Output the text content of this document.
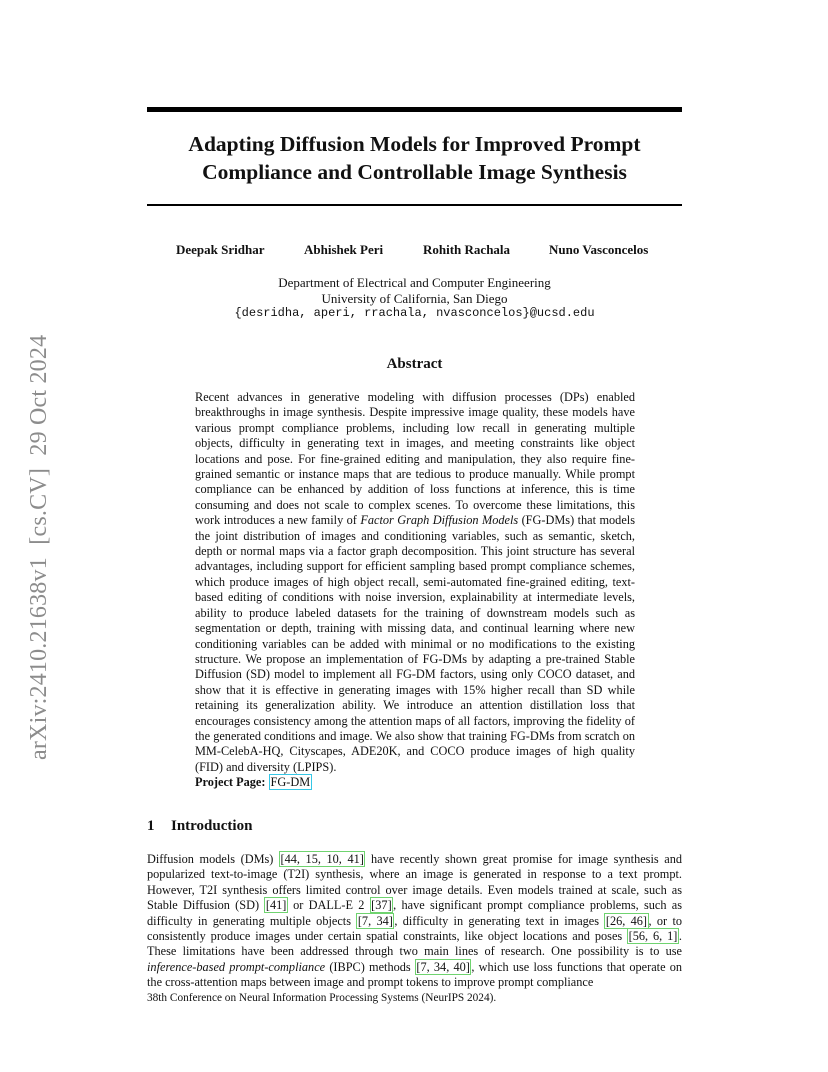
arXiv:2410.21638v1  [cs.CV]  29 Oct 2024
Adapting Diffusion Models for Improved Prompt
Compliance and Controllable Image Synthesis
Deepak Sridhar	Abhishek Peri	Rohith Rachala	Nuno Vasconcelos
Department of Electrical and Computer Engineering
University of California, San Diego
{desridha, aperi, rrachala, nvasconcelos}@ucsd.edu
Abstract

Recent advances in generative modeling with diffusion processes (DPs) enabled breakthroughs in image synthesis. Despite impressive image quality, these models have various prompt compliance problems, including low recall in generating multiple objects, difficulty in generating text in images, and meeting constraints like object locations and pose. For fine-grained editing and manipulation, they also require fine-grained semantic or instance maps that are tedious to produce manually. While prompt compliance can be enhanced by addition of loss functions at inference, this is time consuming and does not scale to complex scenes. To overcome these limitations, this work introduces a new family of Factor Graph Diffusion Models (FG-DMs) that models the joint distribution of images and conditioning variables, such as semantic, sketch, depth or normal maps via a factor graph decomposition. This joint structure has several advantages, including support for efficient sampling based prompt compliance schemes, which produce images of high object recall, semi-automated fine-grained editing, text-based editing of conditions with noise inversion, explainability at intermediate levels, ability to produce labeled datasets for the training of downstream models such as segmentation or depth, training with missing data, and continual learning where new conditioning variables can be added with minimal or no modifications to the existing structure. We propose an implementation of FG-DMs by adapting a pre-trained Stable Diffusion (SD) model to implement all FG-DM factors, using only COCO dataset, and show that it is effective in generating images with 15% higher recall than SD while retaining its generalization ability. We introduce an attention distillation loss that encourages consistency among the attention maps of all factors, improving the fidelity of the generated conditions and image. We also show that training FG-DMs from scratch on MM-CelebA-HQ, Cityscapes, ADE20K, and COCO produce images of high quality (FID) and diversity (LPIPS).

Project Page: FG-DM

1 Introduction

Diffusion models (DMs) [44, 15, 10, 41] have recently shown great promise for image synthesis and popularized text-to-image (T2I) synthesis, where an image is generated in response to a text prompt. However, T2I synthesis offers limited control over image details. Even models trained at scale, such as Stable Diffusion (SD) [41] or DALL-E 2 [37] , have significant prompt compliance problems, such as difficulty in generating multiple objects [7, 34] , difficulty in generating text in images [26, 46] , or to consistently produce images under certain spatial constraints, like object locations and poses [56, 6, 1] . These limitations have been addressed through two main lines of research. One possibility is to use inference-based prompt-compliance (IBPC) methods [7, 34, 40] , which use loss functions that operate on the cross-attention maps between image and prompt tokens to improve prompt compliance

38th Conference on Neural Information Processing Systems (NeurIPS 2024).
